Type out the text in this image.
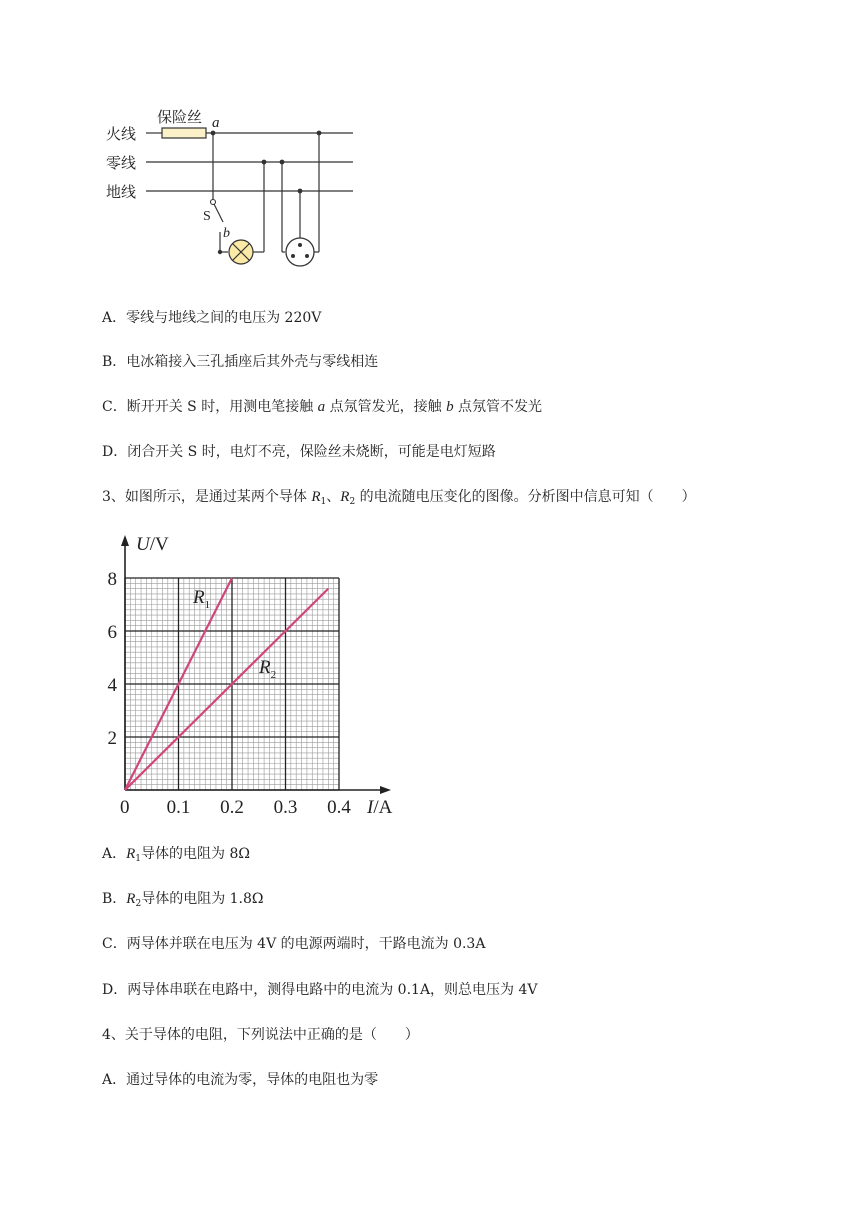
火线
零线
地线
保险丝 a
S
b
A．零线与地线之间的电压为 220V
B．电冰箱接入三孔插座后其外壳与零线相连
C．断开开关 S 时，用测电笔接触 a 点氖管发光，接触 b 点氖管不发光
D．闭合开关 S 时，电灯不亮，保险丝未烧断，可能是电灯短路
3、如图所示，是通过某两个导体 $R_1$、$R_2$ 的电流随电压变化的图像。分析图中信息可知（　　）
U/V
I/A
0 0.1 0.2 0.3 0.4
2
4
6
8
$R_1$
$R_2$
A．$R_1$导体的电阻为 8Ω
B．$R_2$导体的电阻为 1.8Ω
C．两导体并联在电压为 4V 的电源两端时，干路电流为 0.3A
D．两导体串联在电路中，测得电路中的电流为 0.1A，则总电压为 4V
4、关于导体的电阻，下列说法中正确的是（　　）
A．通过导体的电流为零，导体的电阻也为零
